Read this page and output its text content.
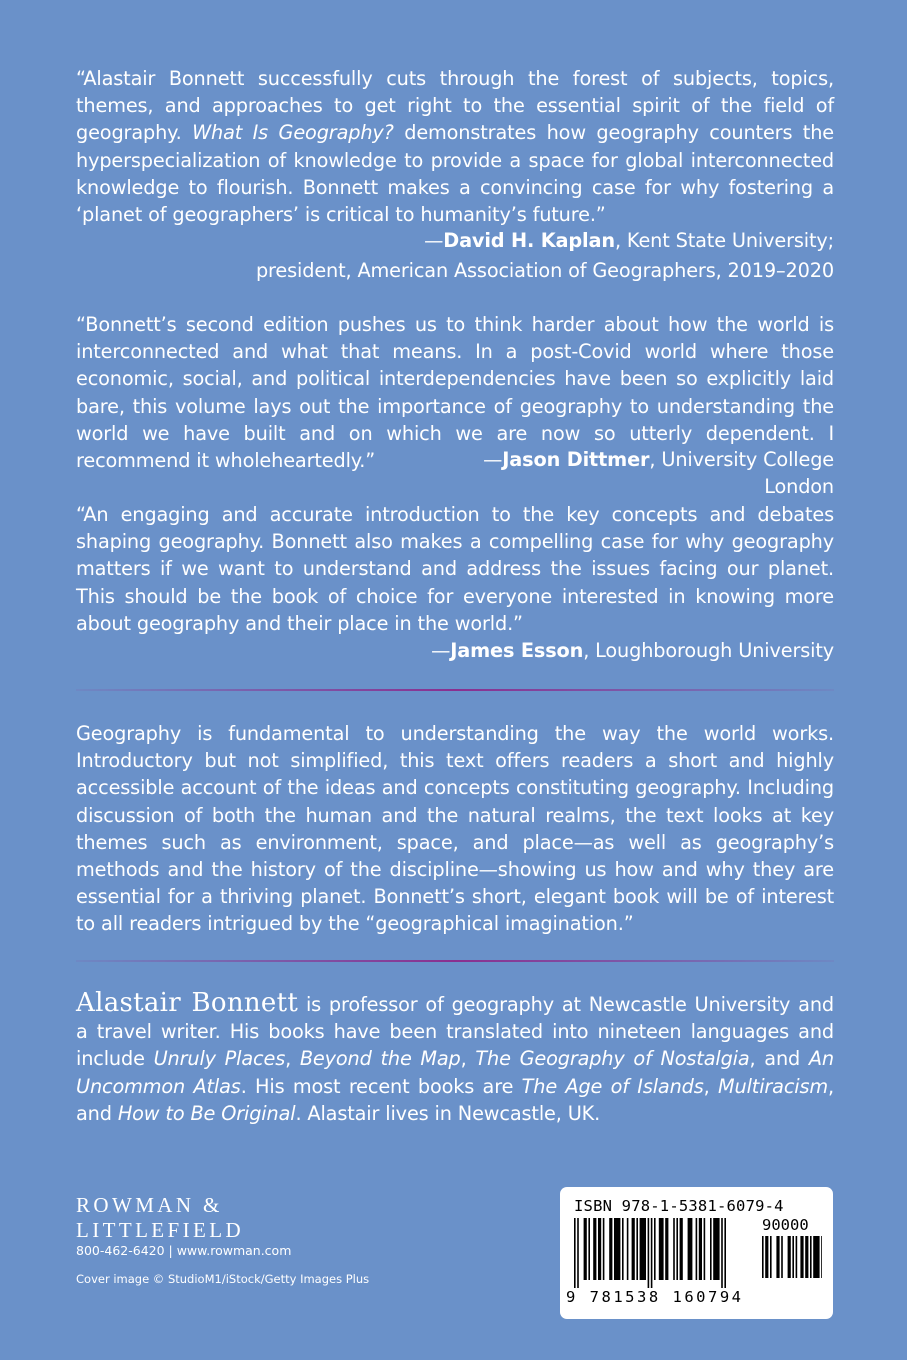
“Alastair Bonnett successfully cuts through the forest of subjects, topics, themes, and approaches to get right to the essential spirit of the field of geography. What Is Geography? demonstrates how geography counters the hyperspecialization of knowledge to provide a space for global interconnected knowledge to flourish. Bonnett makes a convincing case for why fostering a ‘planet of geographers’ is critical to humanity’s future.”
—David H. Kaplan, Kent State University;
president, American Association of Geographers, 2019–2020
“Bonnett’s second edition pushes us to think harder about how the world is interconnected and what that means. In a post-Covid world where those economic, social, and political interdependencies have been so explicitly laid bare, this volume lays out the importance of geography to understanding the world we have built and on which we are now so utterly dependent. I recommend it wholeheartedly.”	—Jason Dittmer, University College London
“An engaging and accurate introduction to the key concepts and debates shaping geography. Bonnett also makes a compelling case for why geography matters if we want to understand and address the issues facing our planet. This should be the book of choice for everyone interested in knowing more about geography and their place in the world.”
—James Esson, Loughborough University
Geography is fundamental to understanding the way the world works. Introductory but not simplified, this text offers readers a short and highly accessible account of the ideas and concepts constituting geography. Including discussion of both the human and the natural realms, the text looks at key themes such as environment, space, and place—as well as geography’s methods and the history of the discipline—showing us how and why they are essential for a thriving planet. Bonnett’s short, elegant book will be of interest to all readers intrigued by the “geographical imagination.”
Alastair Bonnett is professor of geography at Newcastle University and a travel writer. His books have been translated into nineteen languages and include Unruly Places, Beyond the Map, The Geography of Nostalgia, and An Uncommon Atlas. His most recent books are The Age of Islands, Multiracism, and How to Be Original. Alastair lives in Newcastle, UK.
ROWMAN &
LITTLEFIELD
800-462-6420 | www.rowman.com
Cover image © StudioM1/iStock/Getty Images Plus
ISBN 978-1-5381-6079-4
90000
9 781538 160794
